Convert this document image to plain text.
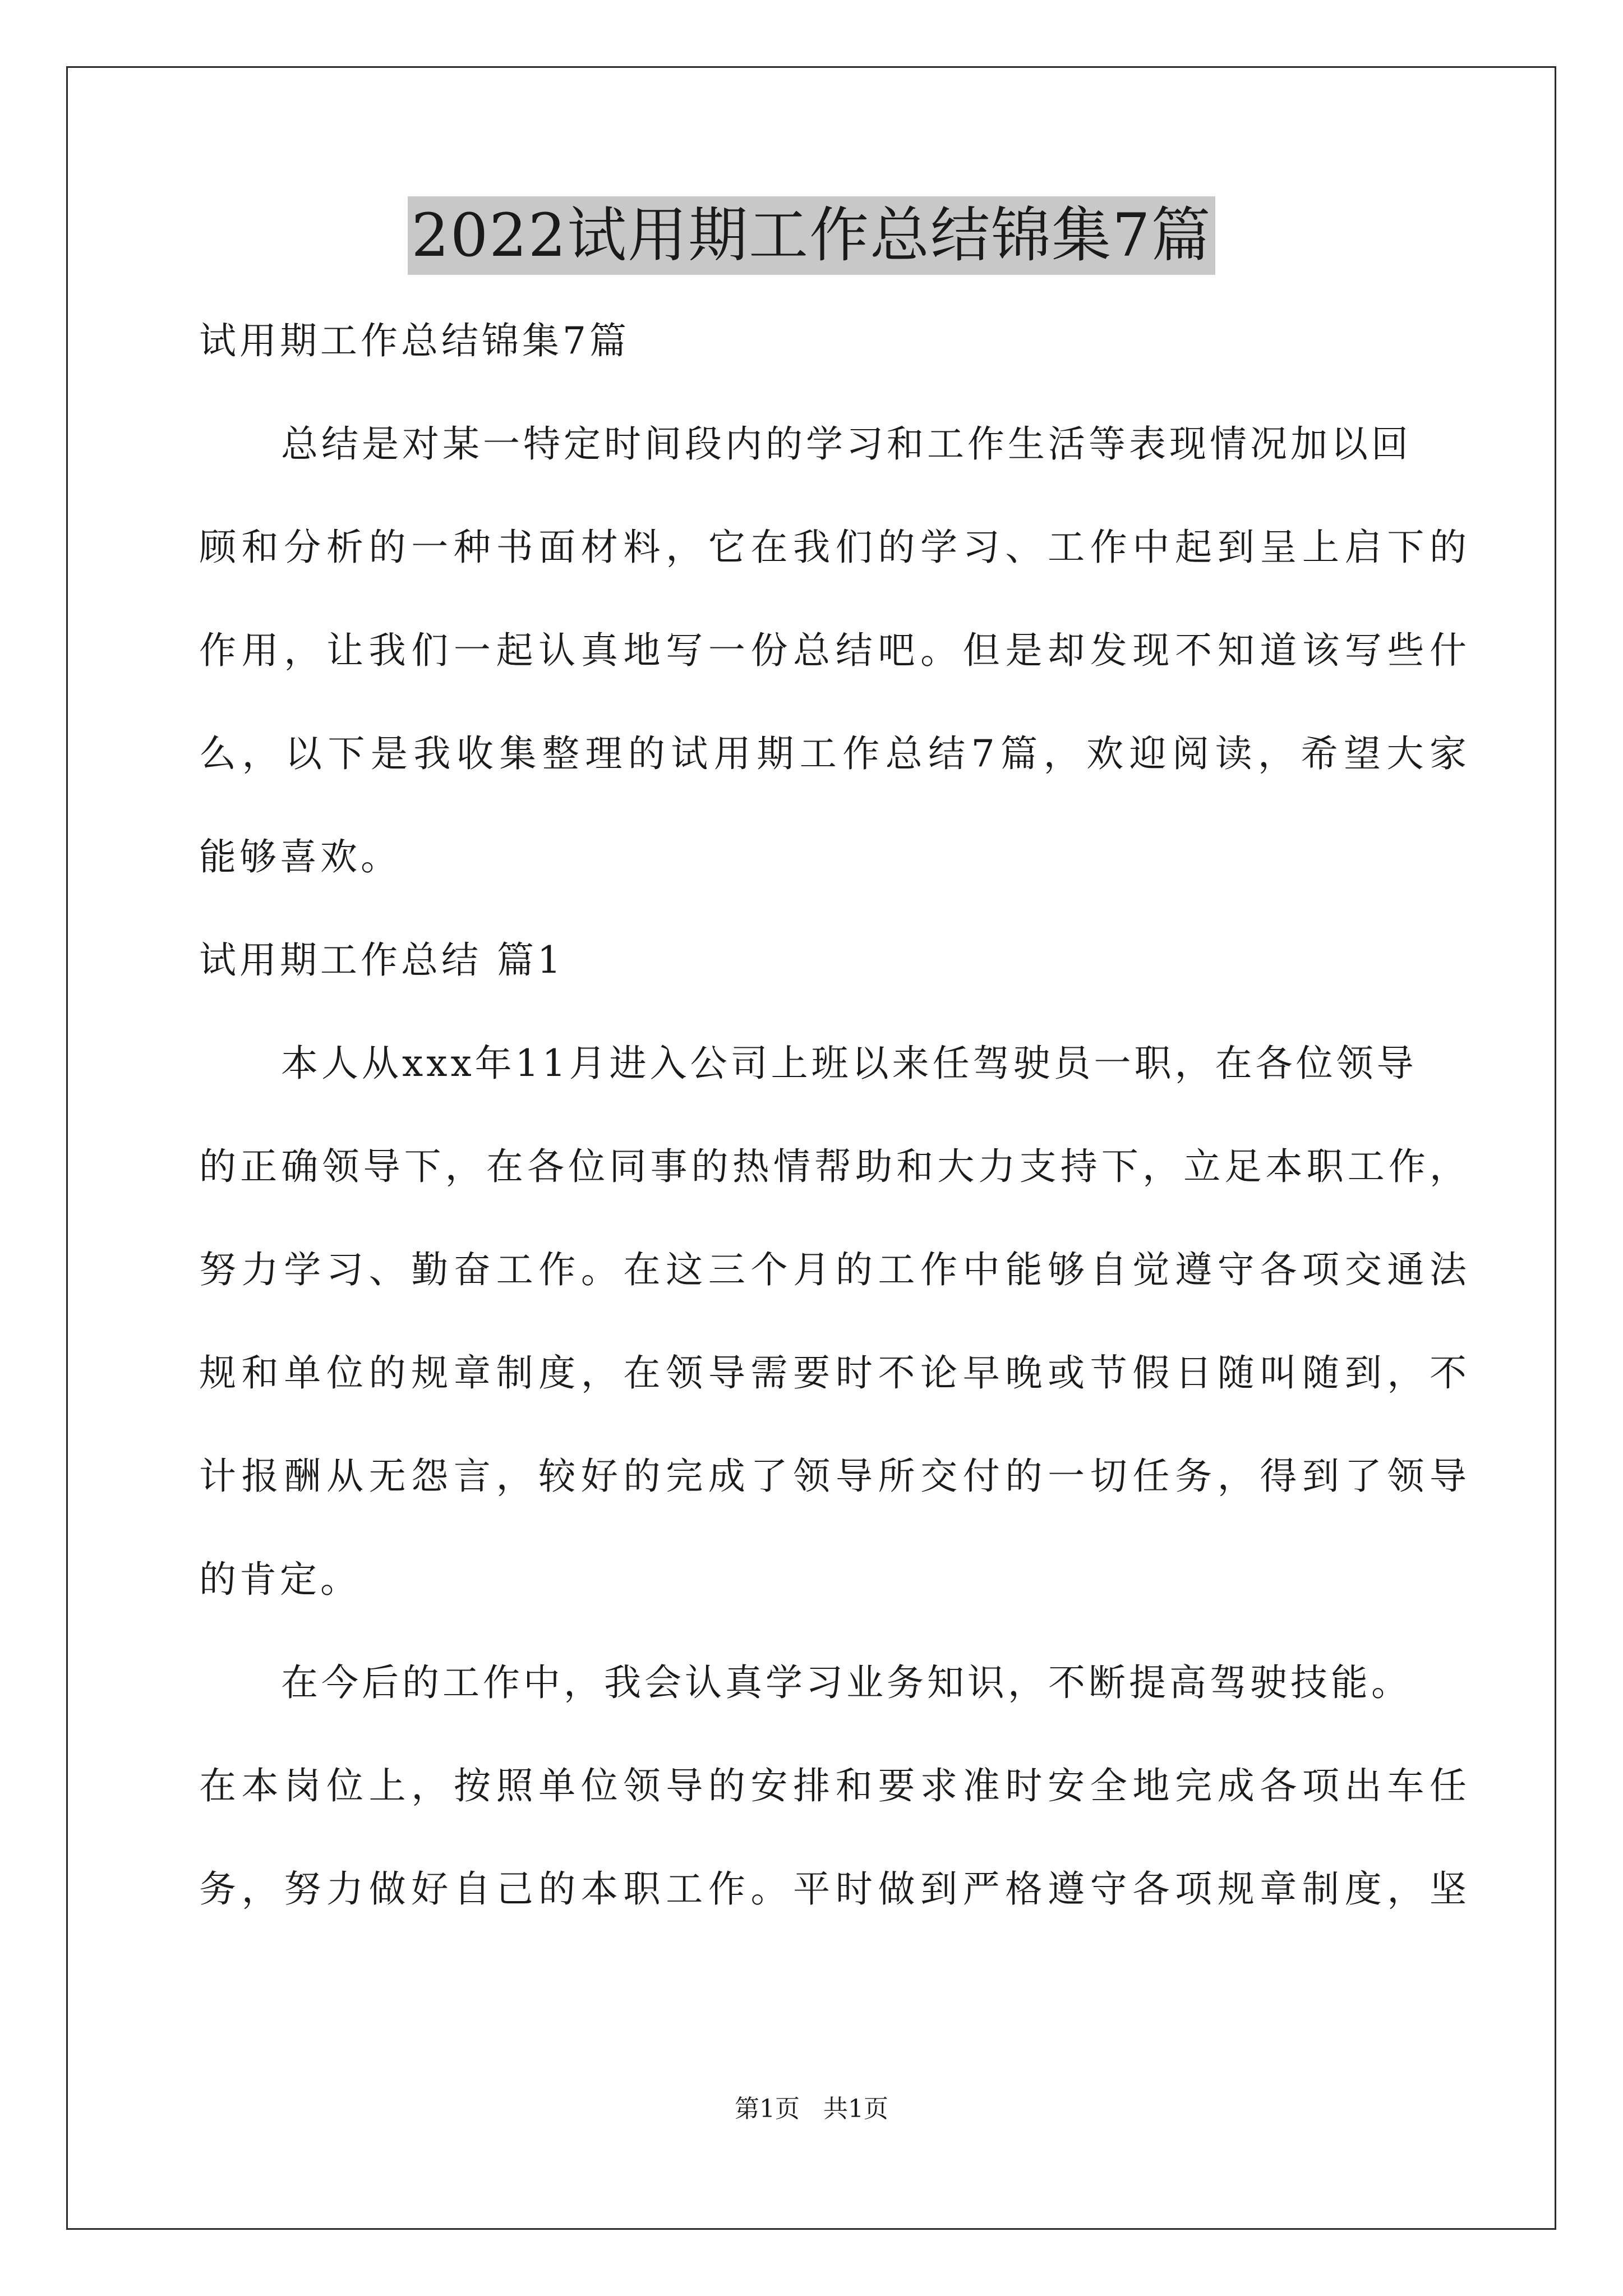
2022试用期工作总结锦集7篇
试用期工作总结锦集7篇
总结是对某一特定时间段内的学习和工作生活等表现情况加以回
顾和分析的一种书面材料，它在我们的学习、工作中起到呈上启下的
作用，让我们一起认真地写一份总结吧。但是却发现不知道该写些什
么，以下是我收集整理的试用期工作总结7篇，欢迎阅读，希望大家
能够喜欢。
试用期工作总结 篇1
本人从xxx年11月进入公司上班以来任驾驶员一职，在各位领导
的正确领导下，在各位同事的热情帮助和大力支持下，立足本职工作，
努力学习、勤奋工作。在这三个月的工作中能够自觉遵守各项交通法
规和单位的规章制度，在领导需要时不论早晚或节假日随叫随到，不
计报酬从无怨言，较好的完成了领导所交付的一切任务，得到了领导
的肯定。
在今后的工作中，我会认真学习业务知识，不断提高驾驶技能。
在本岗位上，按照单位领导的安排和要求准时安全地完成各项出车任
务，努力做好自己的本职工作。平时做到严格遵守各项规章制度，坚
第1页   共1页
